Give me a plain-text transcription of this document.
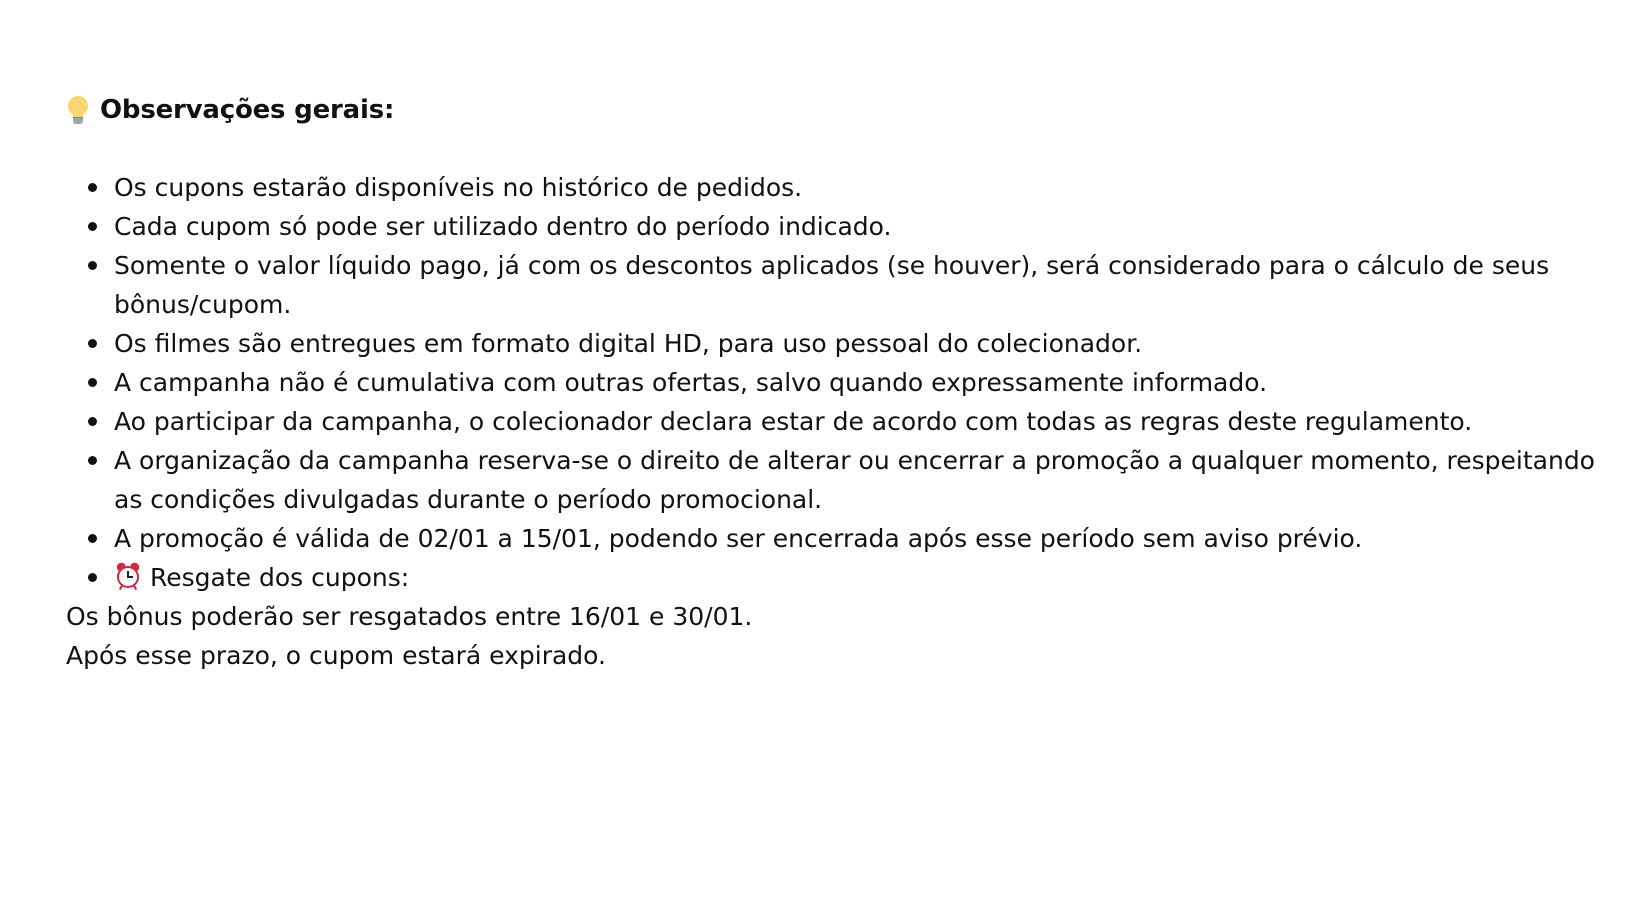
Observações gerais:
Os cupons estarão disponíveis no histórico de pedidos.
Cada cupom só pode ser utilizado dentro do período indicado.
Somente o valor líquido pago, já com os descontos aplicados (se houver), será considerado para o cálculo de seus bônus/cupom.
Os filmes são entregues em formato digital HD, para uso pessoal do colecionador.
A campanha não é cumulativa com outras ofertas, salvo quando expressamente informado.
Ao participar da campanha, o colecionador declara estar de acordo com todas as regras deste regulamento.
A organização da campanha reserva-se o direito de alterar ou encerrar a promoção a qualquer momento, respeitando as condições divulgadas durante o período promocional.
A promoção é válida de 02/01 a 15/01, podendo ser encerrada após esse período sem aviso prévio.
Resgate dos cupons:
Os bônus poderão ser resgatados entre 16/01 e 30/01.
Após esse prazo, o cupom estará expirado.
